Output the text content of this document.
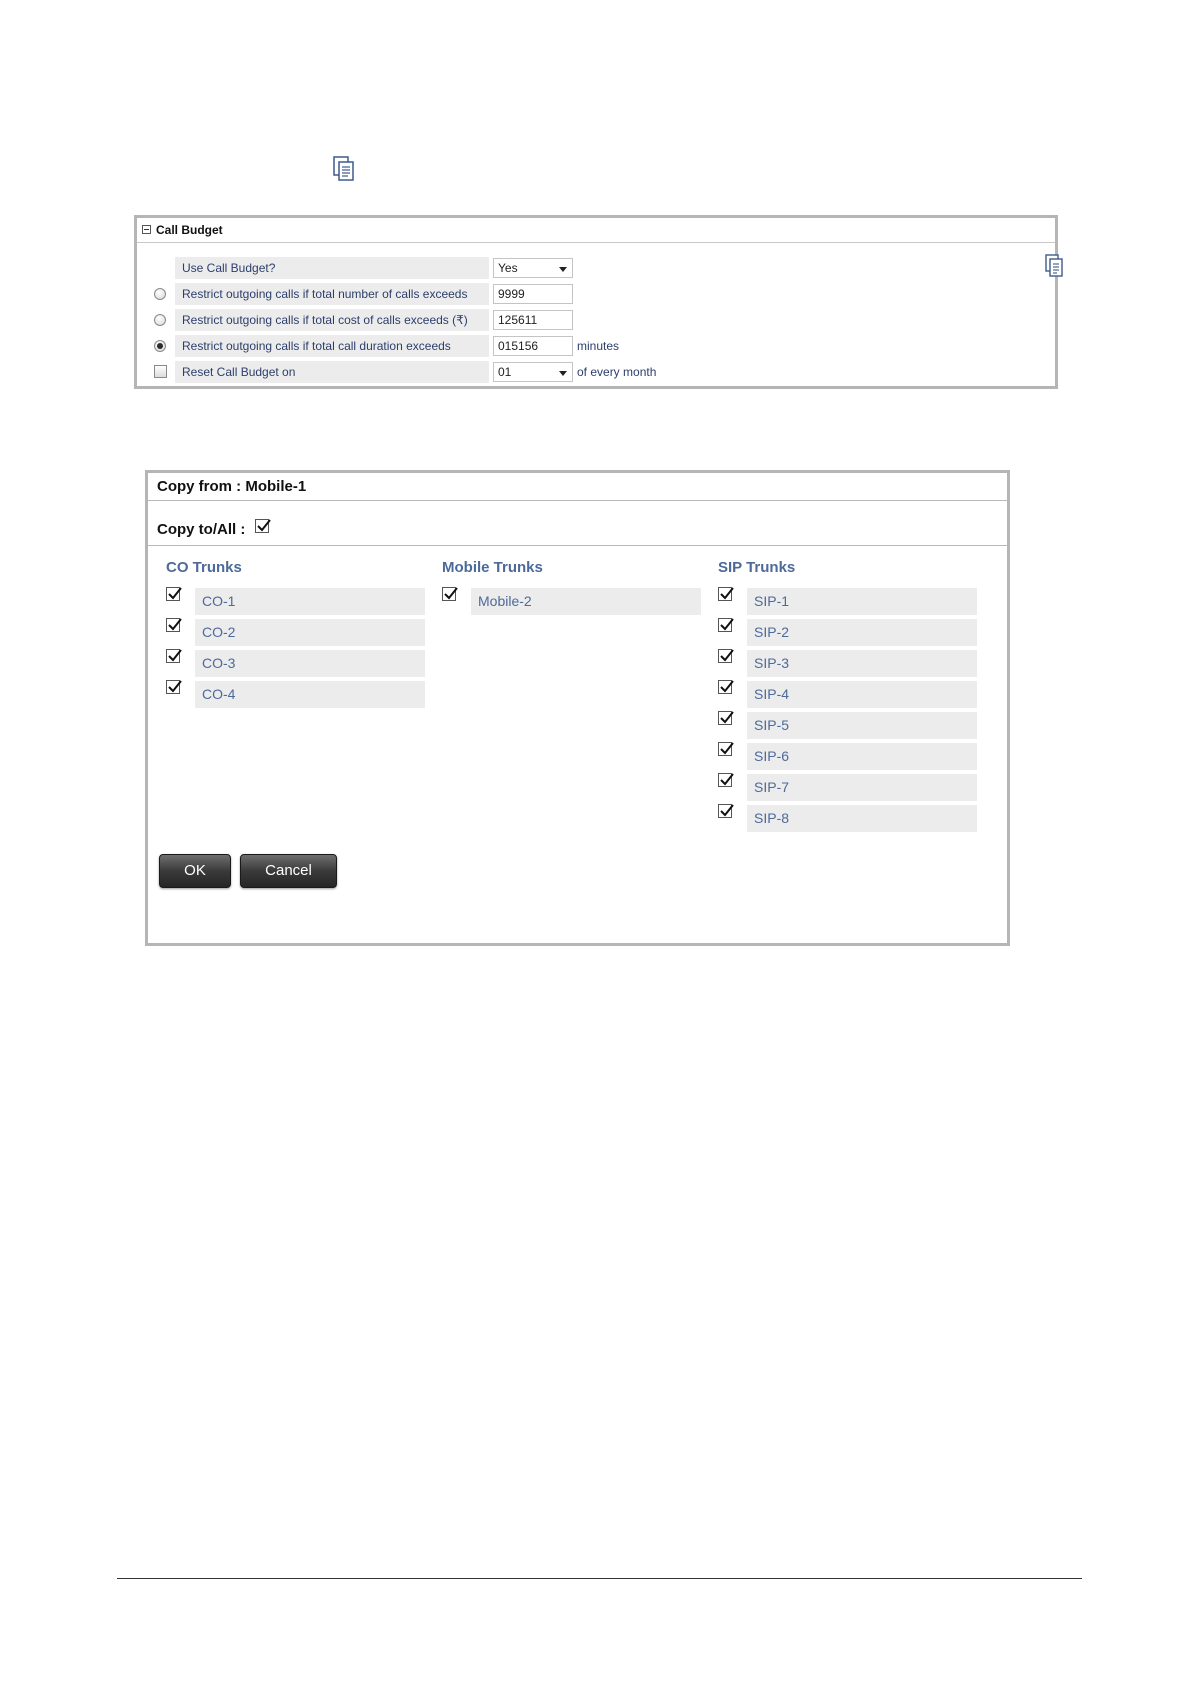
Call Budget
Use Call Budget?	Yes
Restrict outgoing calls if total number of calls exceeds	9999
Restrict outgoing calls if total cost of calls exceeds (₹)	125611
Restrict outgoing calls if total call duration exceeds	015156	minutes
Reset Call Budget on	01	of every month
Copy from : Mobile-1
Copy to/All :
CO Trunks
CO-1
CO-2
CO-3
CO-4
Mobile Trunks
Mobile-2
SIP Trunks
SIP-1
SIP-2
SIP-3
SIP-4
SIP-5
SIP-6
SIP-7
SIP-8
OK	Cancel
